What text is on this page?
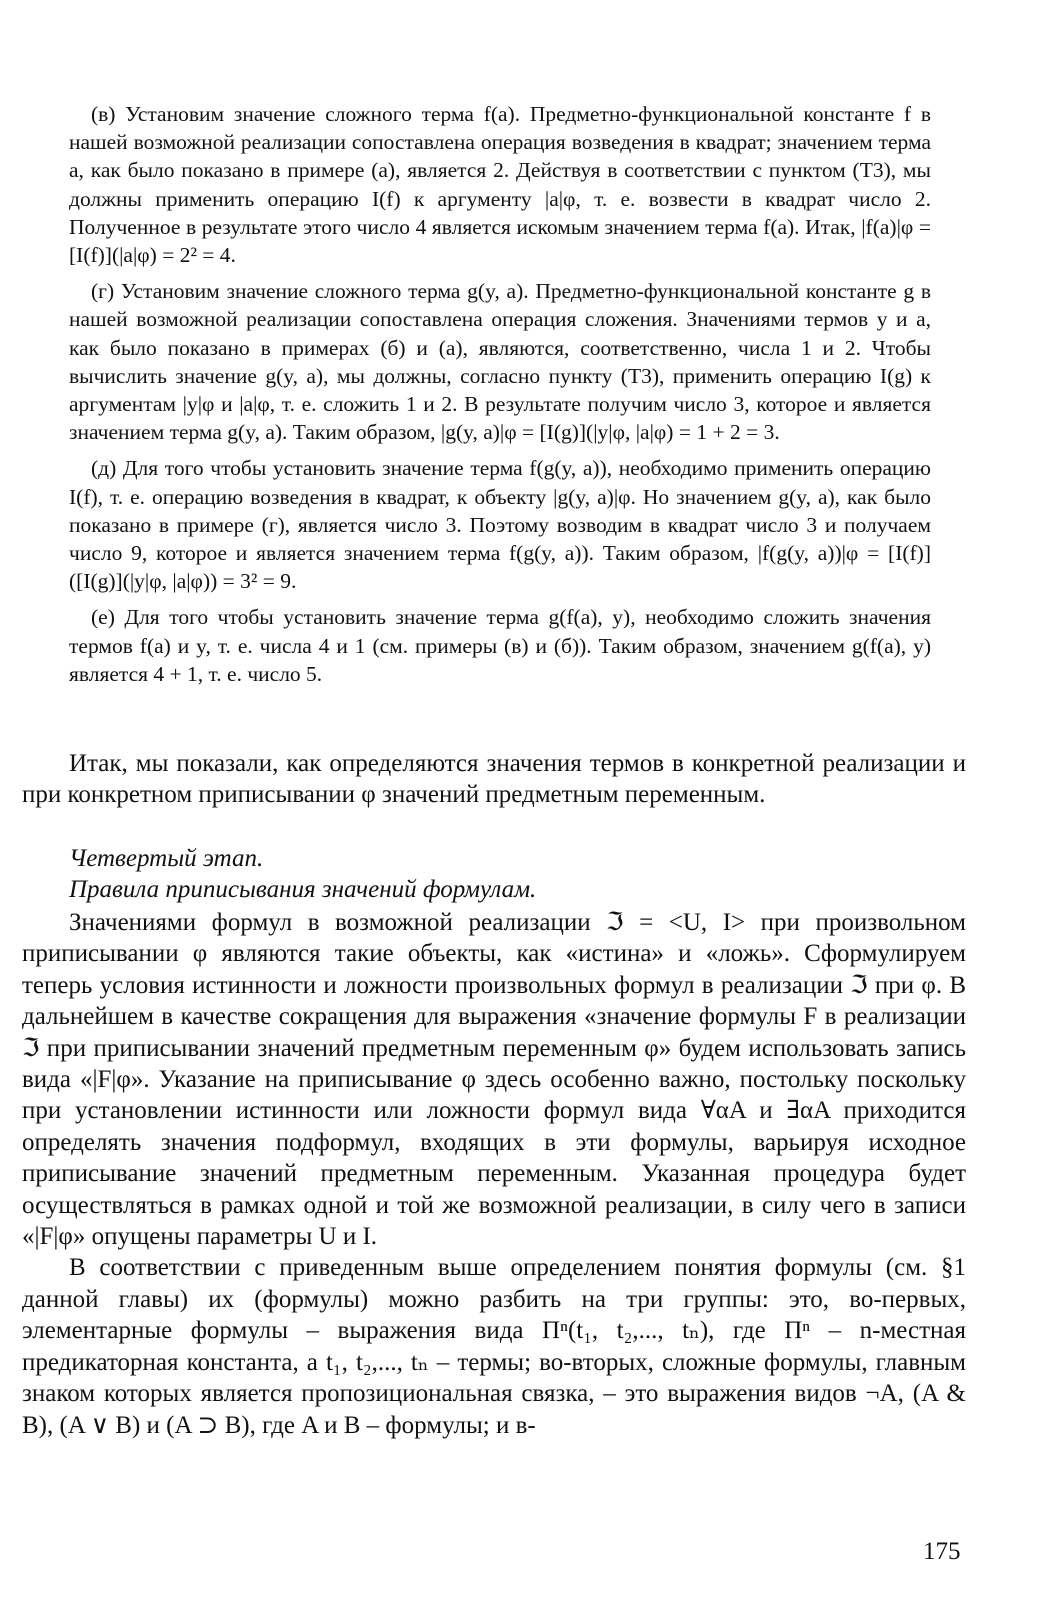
(в) Установим значение сложного терма f(a). Предметно-функциональной константе f в нашей возможной реализации сопоставлена операция возведения в квадрат; значением терма a, как было показано в примере (а), является 2. Действуя в соответствии с пунктом (Т3), мы должны применить операцию I(f) к аргументу |a|φ, т. е. возвести в квадрат число 2. Полученное в результате этого число 4 является искомым значением терма f(a). Итак, |f(a)|φ = [I(f)](|a|φ) = 2² = 4.

(г) Установим значение сложного терма g(y, a). Предметно-функциональной константе g в нашей возможной реализации сопоставлена операция сложения. Значениями термов y и a, как было показано в примерах (б) и (а), являются, соответственно, числа 1 и 2. Чтобы вычислить значение g(y, a), мы должны, согласно пункту (Т3), применить операцию I(g) к аргументам |y|φ и |a|φ, т. е. сложить 1 и 2. В результате получим число 3, которое и является значением терма g(y, a). Таким образом, |g(y, a)|φ = [I(g)](|y|φ, |a|φ) = 1 + 2 = 3.

(д) Для того чтобы установить значение терма f(g(y, a)), необходимо применить операцию I(f), т. е. операцию возведения в квадрат, к объекту |g(y, a)|φ. Но значением g(y, a), как было показано в примере (г), является число 3. Поэтому возводим в квадрат число 3 и получаем число 9, которое и является значением терма f(g(y, a)). Таким образом, |f(g(y, a))|φ = [I(f)]([I(g)](|y|φ, |a|φ)) = 3² = 9.

(е) Для того чтобы установить значение терма g(f(a), y), необходимо сложить значения термов f(a) и y, т. е. числа 4 и 1 (см. примеры (в) и (б)). Таким образом, значением g(f(a), y) является 4 + 1, т. е. число 5.

Итак, мы показали, как определяются значения термов в конкретной реализации и при конкретном приписывании φ значений предметным переменным.

Четвертый этап.
Правила приписывания значений формулам.

Значениями формул в возможной реализации ℑ = <U, I> при произвольном приписывании φ являются такие объекты, как «истина» и «ложь». Сформулируем теперь условия истинности и ложности произвольных формул в реализации ℑ при φ. В дальнейшем в качестве сокращения для выражения «значение формулы F в реализации ℑ при приписывании значений предметным переменным φ» будем использовать запись вида «|F|φ». Указание на приписывание φ здесь особенно важно, постольку поскольку при установлении истинности или ложности формул вида ∀αA и ∃αA приходится определять значения подформул, входящих в эти формулы, варьируя исходное приписывание значений предметным переменным. Указанная процедура будет осуществляться в рамках одной и той же возможной реализации, в силу чего в записи «|F|φ» опущены параметры U и I.

В соответствии с приведенным выше определением понятия формулы (см. §1 данной главы) их (формулы) можно разбить на три группы: это, во-первых, элементарные формулы – выражения вида Πⁿ(t₁, t₂,..., tₙ), где Πⁿ – n-местная предикаторная константа, а t₁, t₂,..., tₙ – термы; во-вторых, сложные формулы, главным знаком которых является пропозициональная связка, – это выражения видов ¬A, (A & B), (A ∨ B) и (A ⊃ B), где A и B – формулы; и в-

175
